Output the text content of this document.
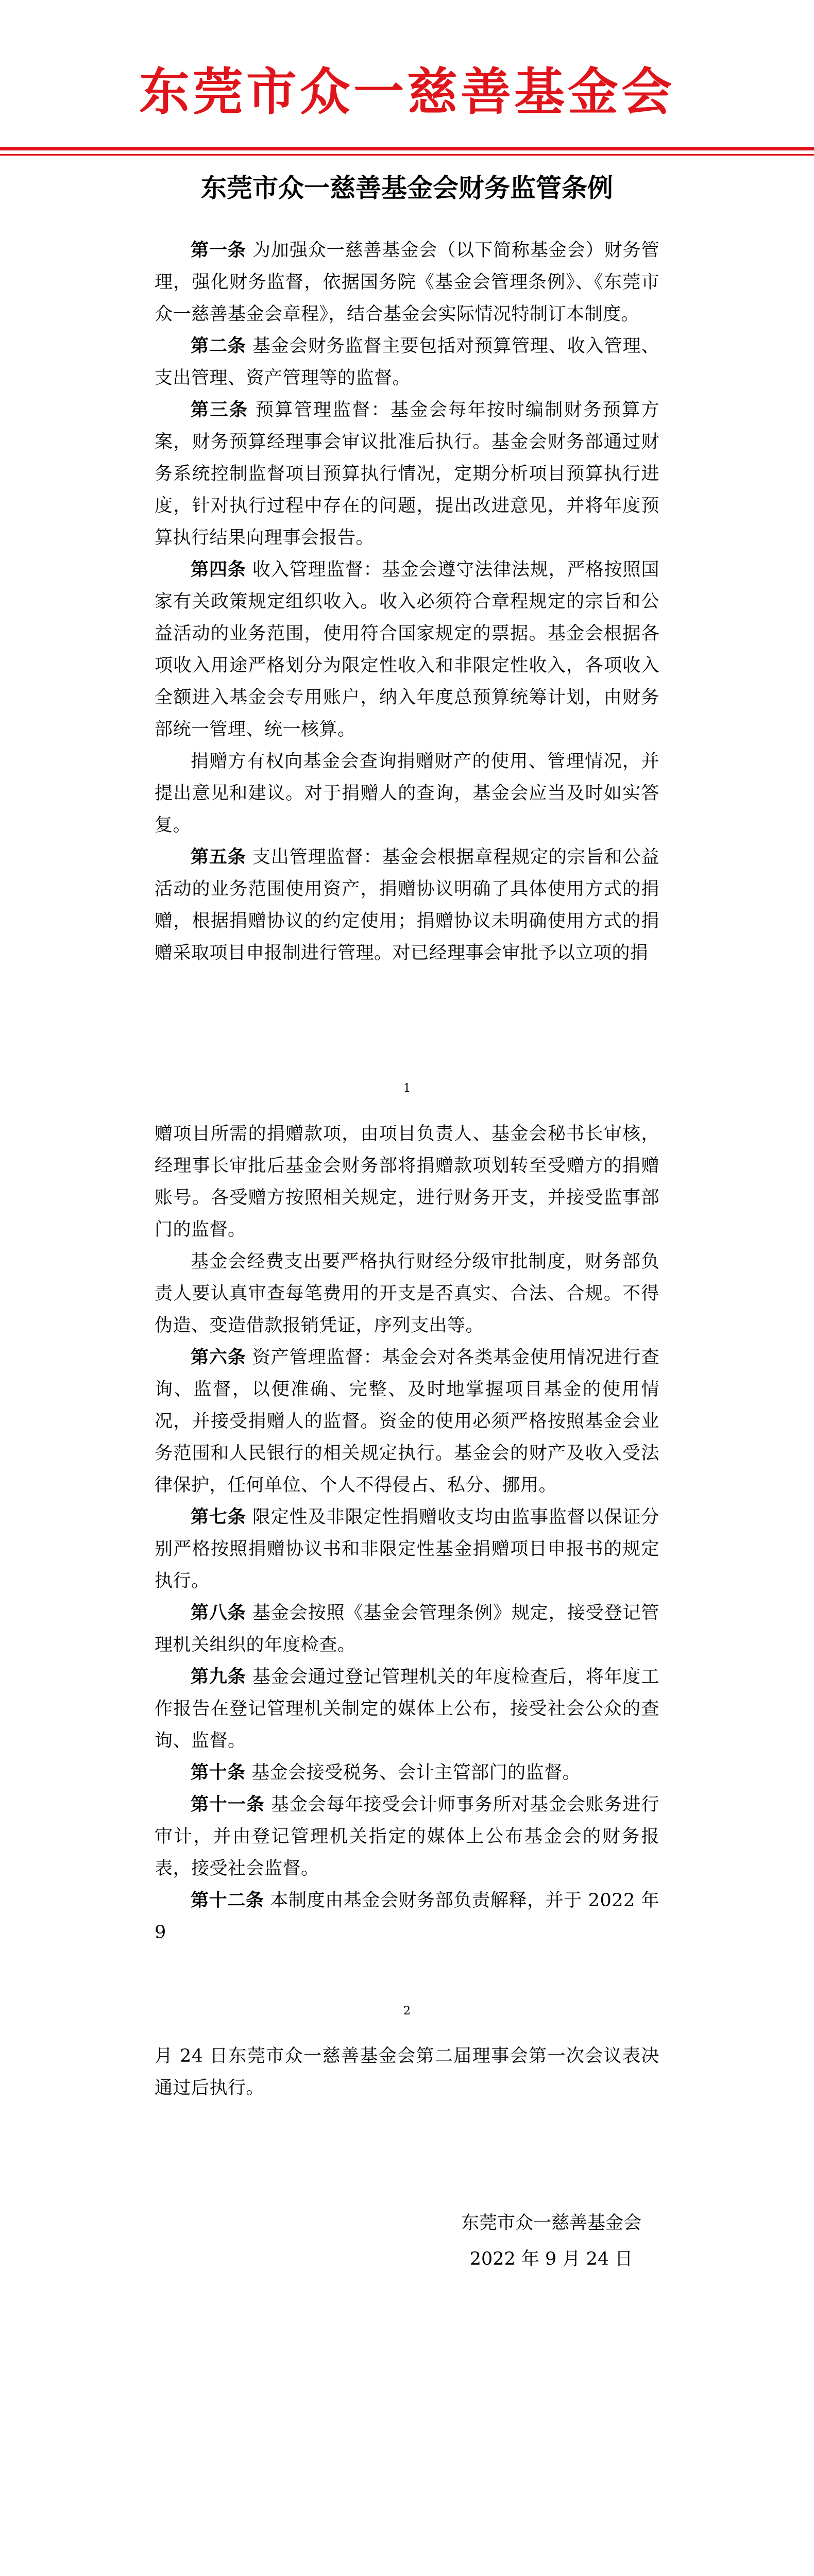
东莞市众一慈善基金会
东莞市众一慈善基金会财务监管条例

第一条 为加强众一慈善基金会（以下简称基金会）财务管理，强化财务监督，依据国务院《基金会管理条例》、《东莞市众一慈善基金会章程》，结合基金会实际情况特制订本制度。

第二条 基金会财务监督主要包括对预算管理、收入管理、支出管理、资产管理等的监督。

第三条 预算管理监督：基金会每年按时编制财务预算方案，财务预算经理事会审议批准后执行。基金会财务部通过财务系统控制监督项目预算执行情况，定期分析项目预算执行进度，针对执行过程中存在的问题，提出改进意见，并将年度预算执行结果向理事会报告。

第四条 收入管理监督：基金会遵守法律法规，严格按照国家有关政策规定组织收入。收入必须符合章程规定的宗旨和公益活动的业务范围，使用符合国家规定的票据。基金会根据各项收入用途严格划分为限定性收入和非限定性收入，各项收入全额进入基金会专用账户，纳入年度总预算统筹计划，由财务部统一管理、统一核算。

捐赠方有权向基金会查询捐赠财产的使用、管理情况，并提出意见和建议。对于捐赠人的查询，基金会应当及时如实答复。

第五条 支出管理监督：基金会根据章程规定的宗旨和公益活动的业务范围使用资产，捐赠协议明确了具体使用方式的捐赠，根据捐赠协议的约定使用；捐赠协议未明确使用方式的捐赠采取项目申报制进行管理。对已经理事会审批予以立项的捐

1

赠项目所需的捐赠款项，由项目负责人、基金会秘书长审核，经理事长审批后基金会财务部将捐赠款项划转至受赠方的捐赠账号。各受赠方按照相关规定，进行财务开支，并接受监事部门的监督。

基金会经费支出要严格执行财经分级审批制度，财务部负责人要认真审查每笔费用的开支是否真实、合法、合规。不得伪造、变造借款报销凭证，序列支出等。

第六条 资产管理监督：基金会对各类基金使用情况进行查询、监督，以便准确、完整、及时地掌握项目基金的使用情况，并接受捐赠人的监督。资金的使用必须严格按照基金会业务范围和人民银行的相关规定执行。基金会的财产及收入受法律保护，任何单位、个人不得侵占、私分、挪用。

第七条 限定性及非限定性捐赠收支均由监事监督以保证分别严格按照捐赠协议书和非限定性基金捐赠项目申报书的规定执行。

第八条 基金会按照《基金会管理条例》规定，接受登记管理机关组织的年度检查。

第九条 基金会通过登记管理机关的年度检查后，将年度工作报告在登记管理机关制定的媒体上公布，接受社会公众的查询、监督。

第十条 基金会接受税务、会计主管部门的监督。

第十一条 基金会每年接受会计师事务所对基金会账务进行审计，并由登记管理机关指定的媒体上公布基金会的财务报表，接受社会监督。

第十二条 本制度由基金会财务部负责解释，并于 2022 年 9

2

月 24 日东莞市众一慈善基金会第二届理事会第一次会议表决通过后执行。

东莞市众一慈善基金会
2022 年 9 月 24 日
